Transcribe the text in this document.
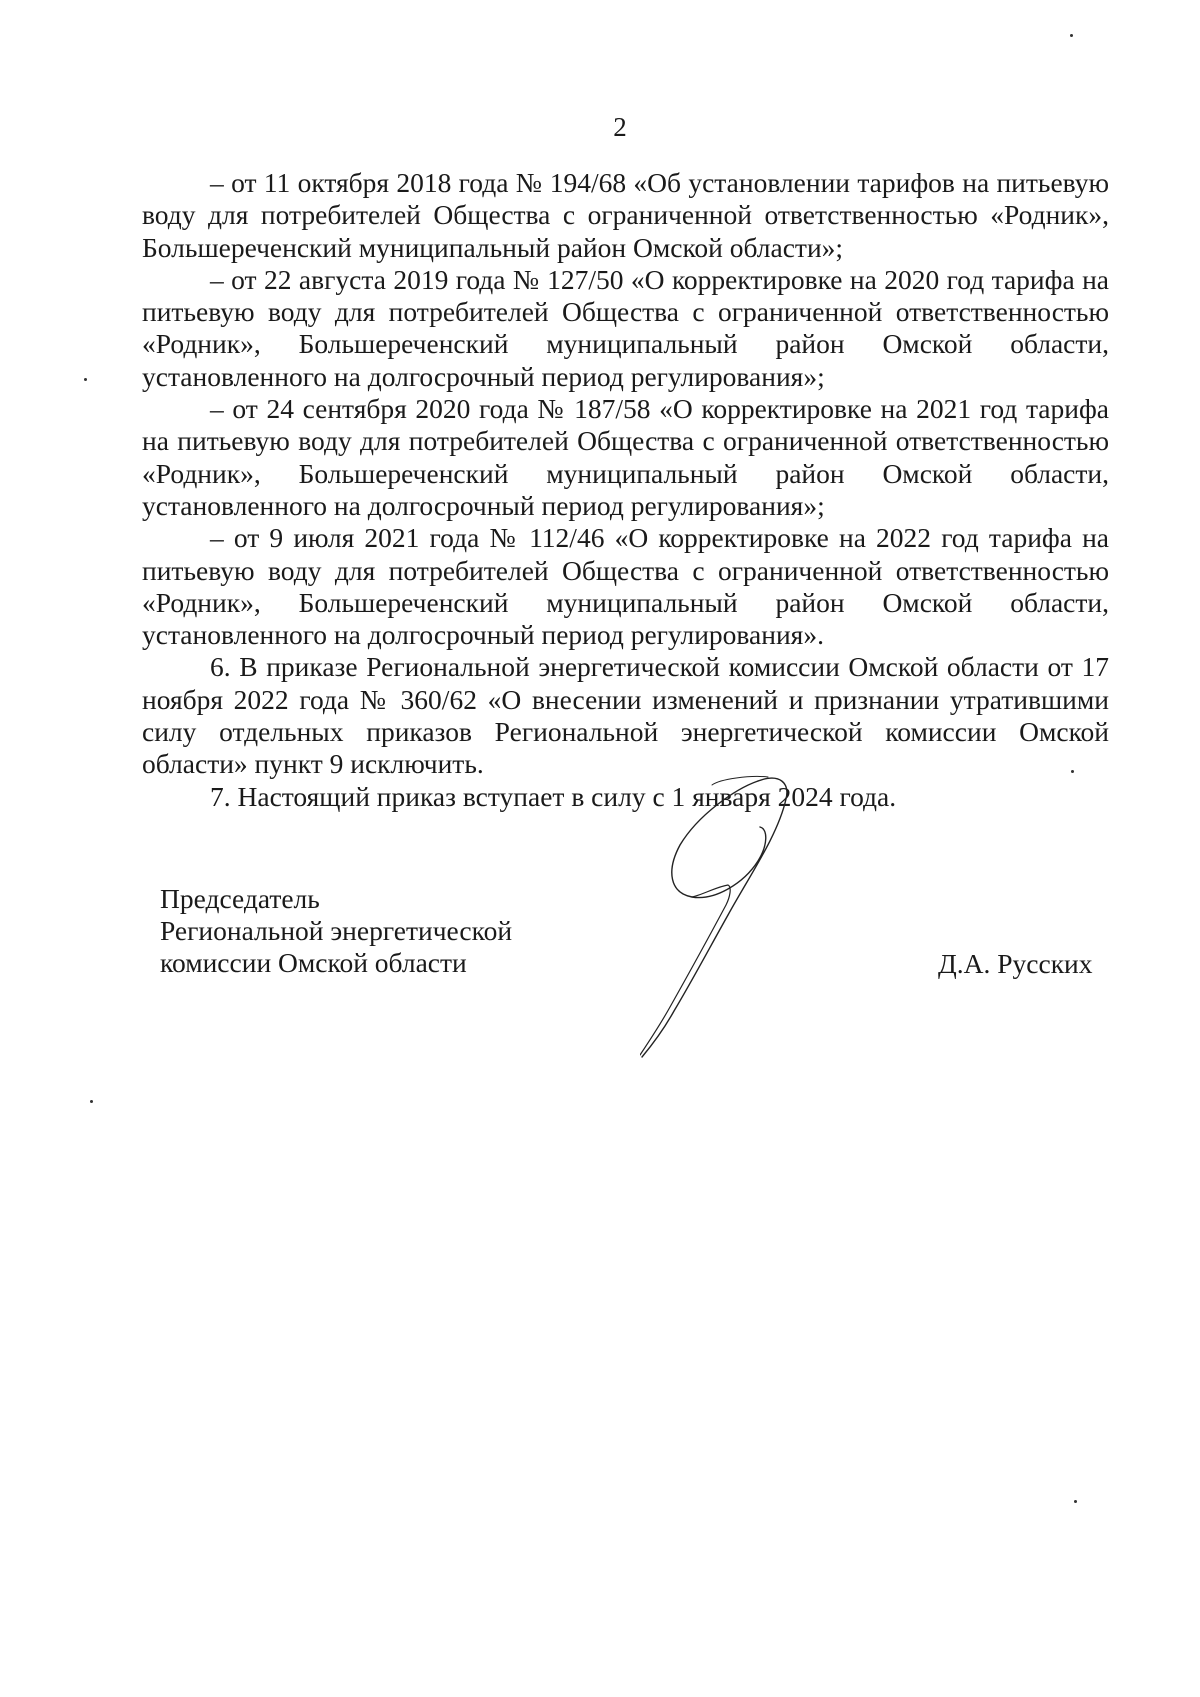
2

– от 11 октября 2018 года № 194/68 «Об установлении тарифов на питьевую воду для потребителей Общества с ограниченной ответственностью «Родник», Большереченский муниципальный район Омской области»;

– от 22 августа 2019 года № 127/50 «О корректировке на 2020 год тарифа на питьевую воду для потребителей Общества с ограниченной ответственностью «Родник», Большереченский муниципальный район Омской области, установленного на долгосрочный период регулирования»;

– от 24 сентября 2020 года № 187/58 «О корректировке на 2021 год тарифа на питьевую воду для потребителей Общества с ограниченной ответственностью «Родник», Большереченский муниципальный район Омской области, установленного на долгосрочный период регулирования»;

– от 9 июля 2021 года № 112/46 «О корректировке на 2022 год тарифа на питьевую воду для потребителей Общества с ограниченной ответственностью «Родник», Большереченский муниципальный район Омской области, установленного на долгосрочный период регулирования».

6. В приказе Региональной энергетической комиссии Омской области от 17 ноября 2022 года № 360/62 «О внесении изменений и признании утратившими силу отдельных приказов Региональной энергетической комиссии Омской области» пункт 9 исключить.

7. Настоящий приказ вступает в силу с 1 января 2024 года.

Председатель
Региональной энергетической
комиссии Омской области	Д.А. Русских
